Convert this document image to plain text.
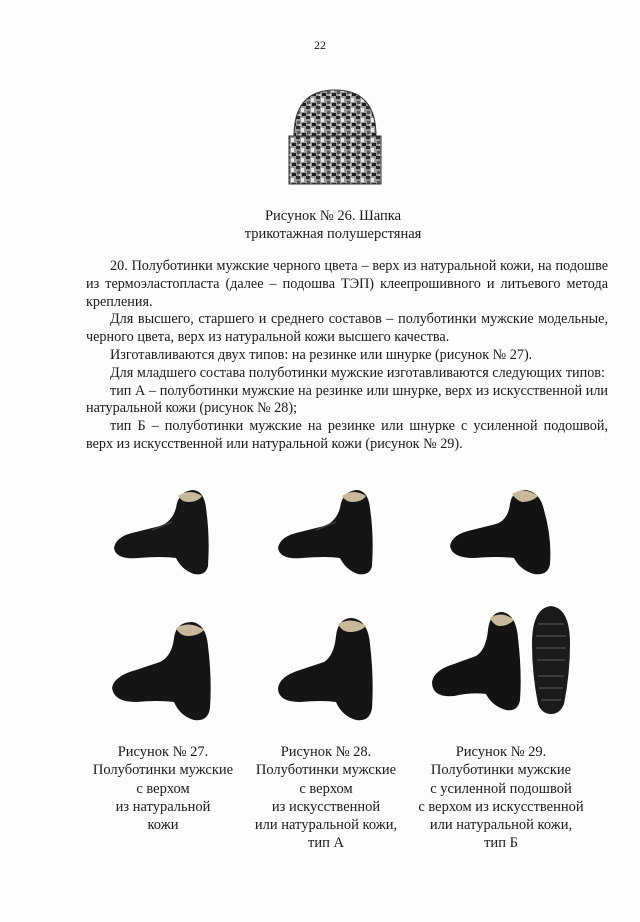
22
Рисунок № 26. Шапка
трикотажная полушерстяная

20. Полуботинки мужские черного цвета – верх из натуральной кожи, на подошве из термоэластопласта (далее – подошва ТЭП) клеепрошивного и литьевого метода крепления.

Для высшего, старшего и среднего составов – полуботинки мужские модельные, черного цвета, верх из натуральной кожи высшего качества.

Изготавливаются двух типов: на резинке или шнурке (рисунок № 27).

Для младшего состава полуботинки мужские изготавливаются следующих типов:

тип А – полуботинки мужские на резинке или шнурке, верх из искусственной или натуральной кожи (рисунок № 28);

тип Б – полуботинки мужские на резинке или шнурке с усиленной подошвой, верх из искусственной или натуральной кожи (рисунок № 29).

Рисунок № 27.
Полуботинки мужские
с верхом
из натуральной
кожи
Рисунок № 28.
Полуботинки мужские
с верхом
из искусственной
или натуральной кожи,
тип А
Рисунок № 29.
Полуботинки мужские
с усиленной подошвой
с верхом из искусственной
или натуральной кожи,
тип Б
